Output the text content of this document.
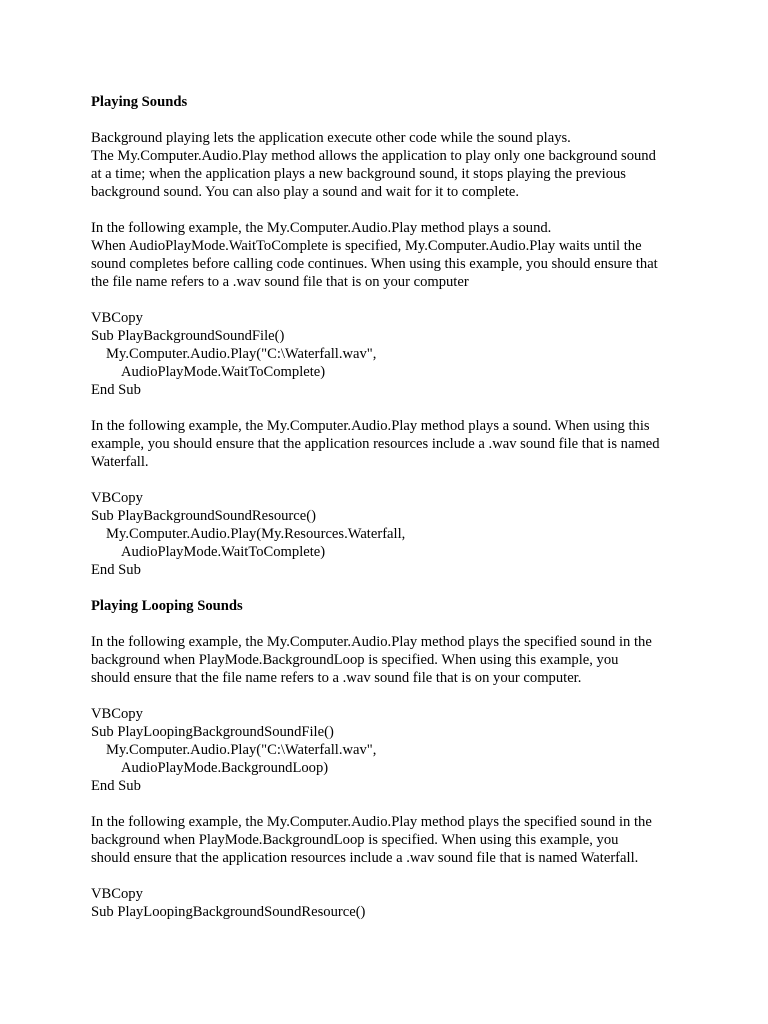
Playing Sounds
Background playing lets the application execute other code while the sound plays.
The My.Computer.Audio.Play method allows the application to play only one background sound
at a time; when the application plays a new background sound, it stops playing the previous
background sound. You can also play a sound and wait for it to complete.
In the following example, the My.Computer.Audio.Play method plays a sound.
When AudioPlayMode.WaitToComplete is specified, My.Computer.Audio.Play waits until the
sound completes before calling code continues. When using this example, you should ensure that
the file name refers to a .wav sound file that is on your computer
VBCopy
Sub PlayBackgroundSoundFile()
My.Computer.Audio.Play("C:\Waterfall.wav",
AudioPlayMode.WaitToComplete)
End Sub
In the following example, the My.Computer.Audio.Play method plays a sound. When using this
example, you should ensure that the application resources include a .wav sound file that is named
Waterfall.
VBCopy
Sub PlayBackgroundSoundResource()
My.Computer.Audio.Play(My.Resources.Waterfall,
AudioPlayMode.WaitToComplete)
End Sub
Playing Looping Sounds
In the following example, the My.Computer.Audio.Play method plays the specified sound in the
background when PlayMode.BackgroundLoop is specified. When using this example, you
should ensure that the file name refers to a .wav sound file that is on your computer.
VBCopy
Sub PlayLoopingBackgroundSoundFile()
My.Computer.Audio.Play("C:\Waterfall.wav",
AudioPlayMode.BackgroundLoop)
End Sub
In the following example, the My.Computer.Audio.Play method plays the specified sound in the
background when PlayMode.BackgroundLoop is specified. When using this example, you
should ensure that the application resources include a .wav sound file that is named Waterfall.
VBCopy
Sub PlayLoopingBackgroundSoundResource()
